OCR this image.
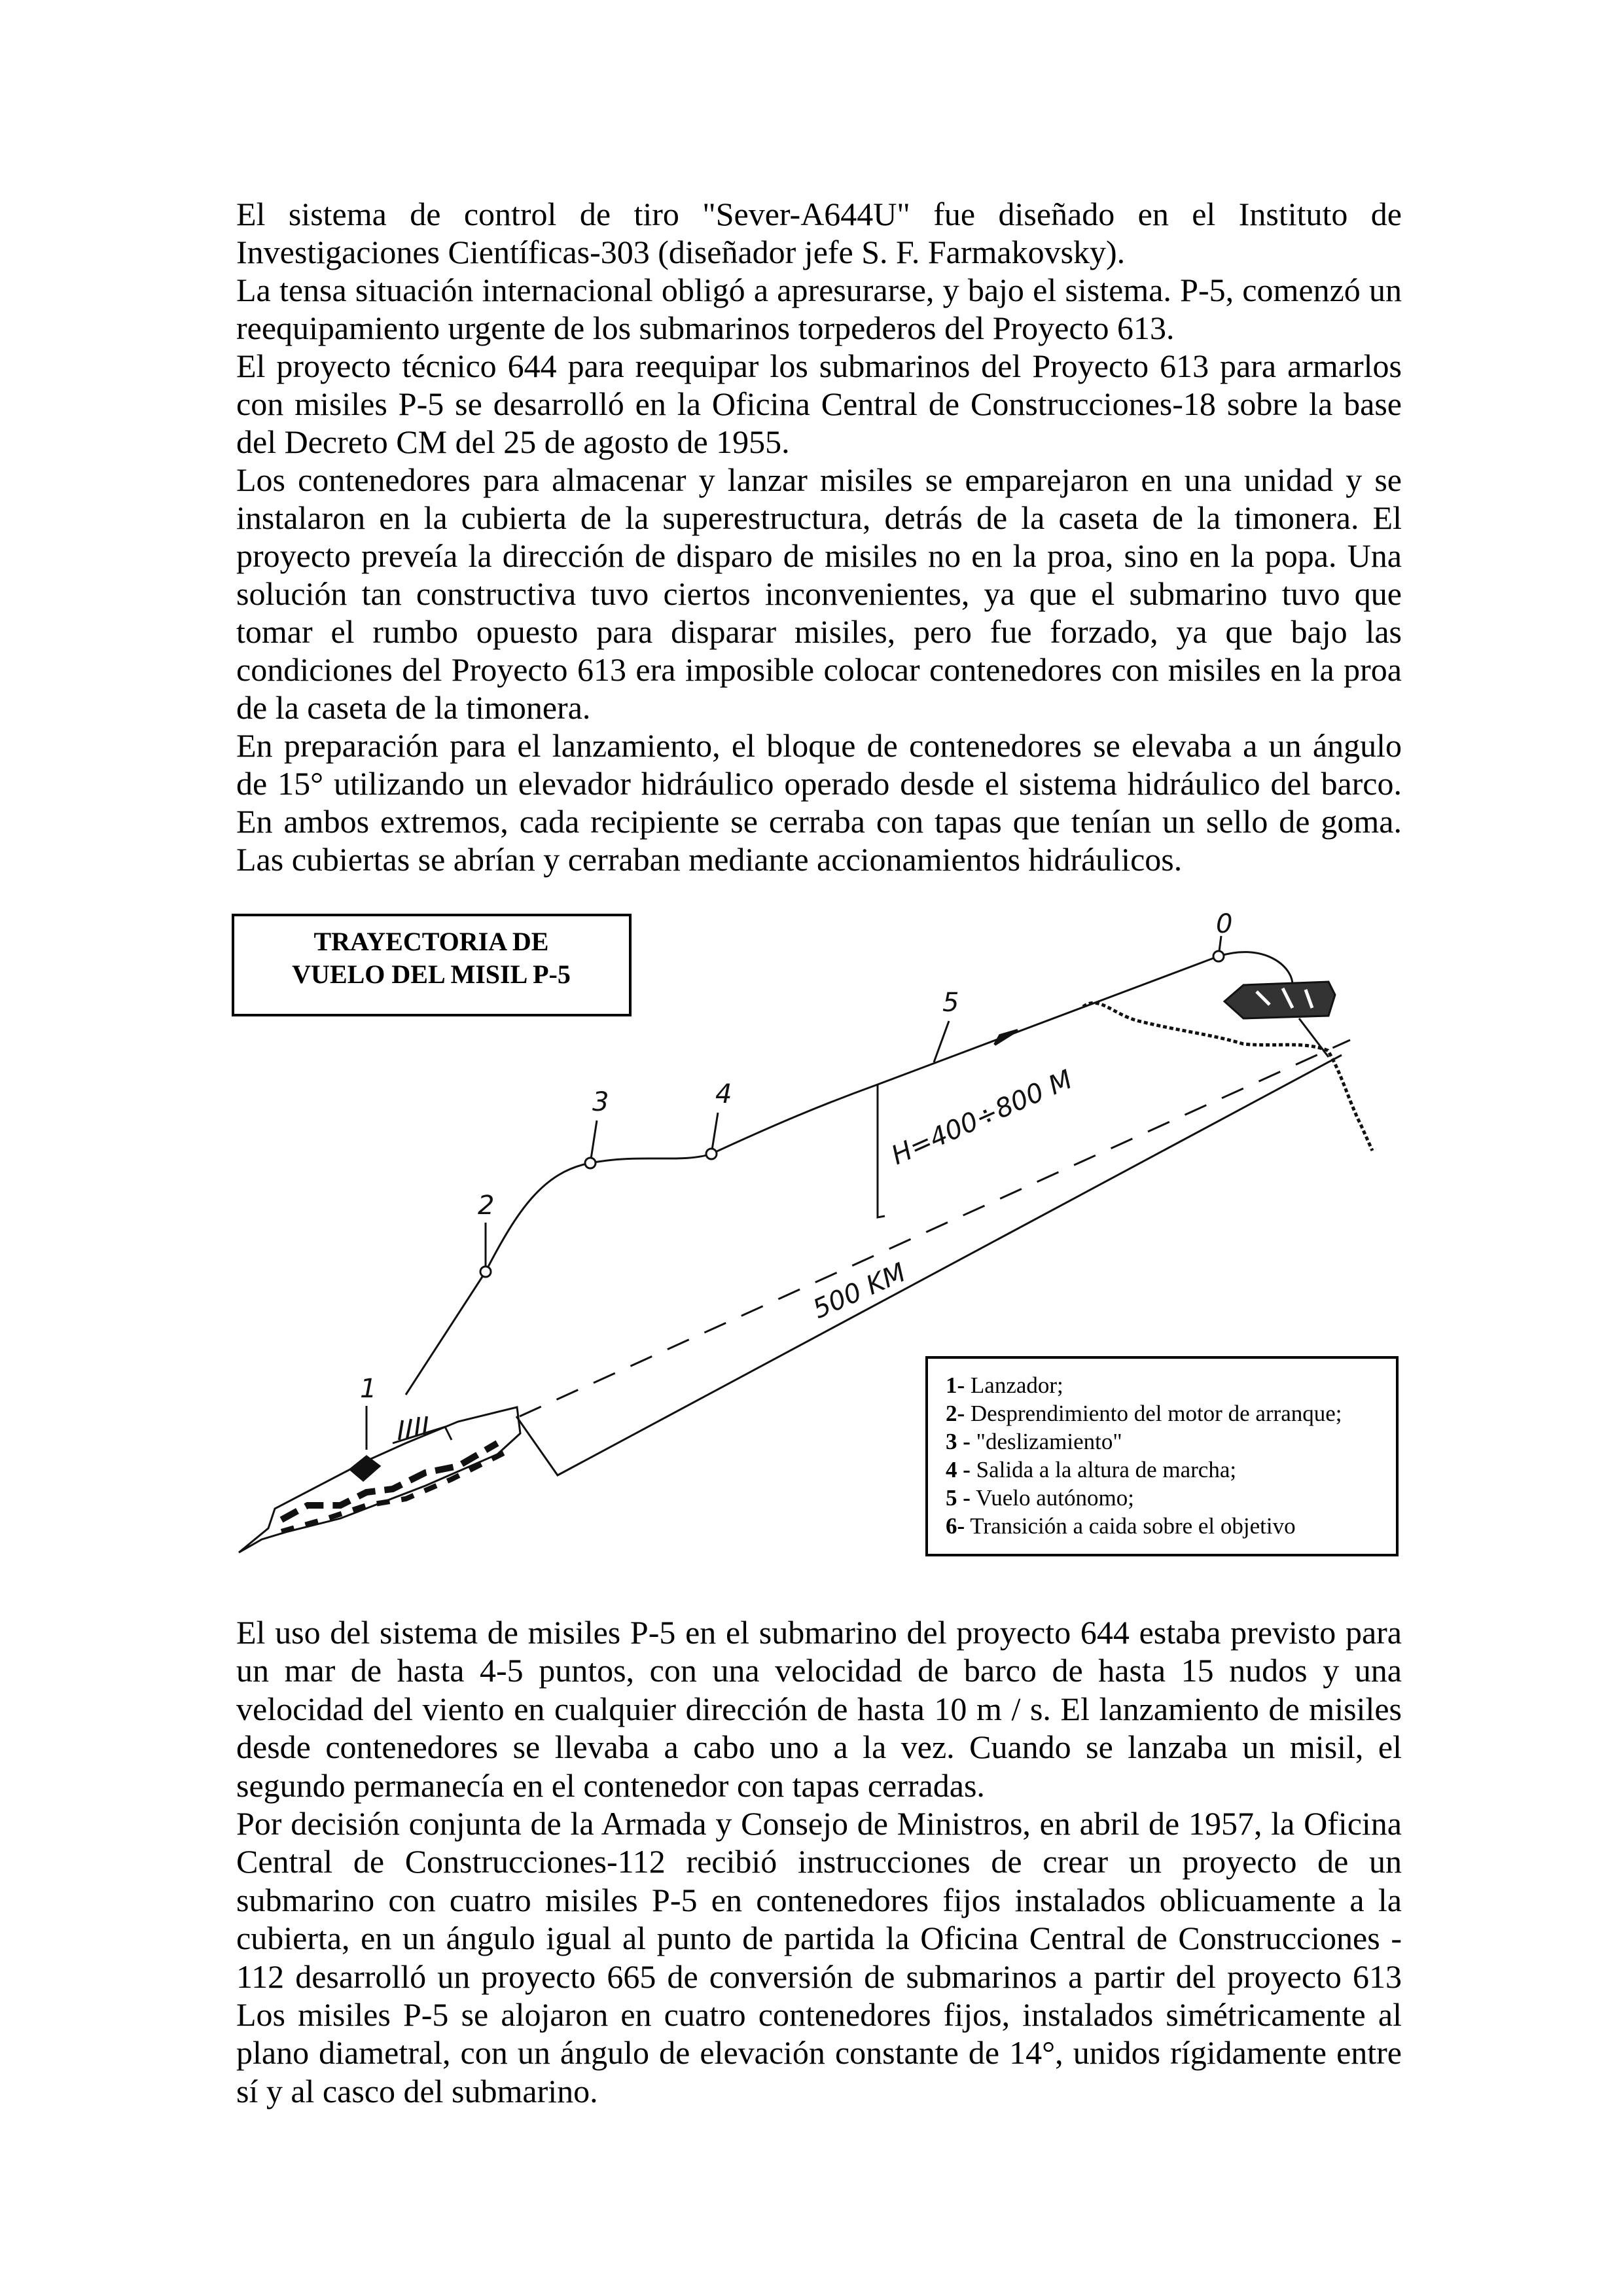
El sistema de control de tiro "Sever-A644U" fue diseñado en el Instituto de
Investigaciones Científicas-303 (diseñador jefe S. F. Farmakovsky).
La tensa situación internacional obligó a apresurarse, y bajo el sistema. P-5, comenzó un
reequipamiento urgente de los submarinos torpederos del Proyecto 613.
El proyecto técnico 644 para reequipar los submarinos del Proyecto 613 para armarlos
con misiles P-5 se desarrolló en la Oficina Central de Construcciones-18 sobre la base
del Decreto CM del 25 de agosto de 1955.
Los contenedores para almacenar y lanzar misiles se emparejaron en una unidad y se
instalaron en la cubierta de la superestructura, detrás de la caseta de la timonera. El
proyecto preveía la dirección de disparo de misiles no en la proa, sino en la popa. Una
solución tan constructiva tuvo ciertos inconvenientes, ya que el submarino tuvo que
tomar el rumbo opuesto para disparar misiles, pero fue forzado, ya que bajo las
condiciones del Proyecto 613 era imposible colocar contenedores con misiles en la proa
de la caseta de la timonera.
En preparación para el lanzamiento, el bloque de contenedores se elevaba a un ángulo
de 15° utilizando un elevador hidráulico operado desde el sistema hidráulico del barco.
En ambos extremos, cada recipiente se cerraba con tapas que tenían un sello de goma.
Las cubiertas se abrían y cerraban mediante accionamientos hidráulicos.
TRAYECTORIA DE
VUELO DEL MISIL P-5
1
2
3	4
5
0
H=400÷800 M
500 KM
1- Lanzador;
2- Desprendimiento del motor de arranque;
3 - "deslizamiento"
4 - Salida a la altura de marcha;
5 - Vuelo autónomo;
6- Transición a caida sobre el objetivo
El uso del sistema de misiles P-5 en el submarino del proyecto 644 estaba previsto para
un mar de hasta 4-5 puntos, con una velocidad de barco de hasta 15 nudos y una
velocidad del viento en cualquier dirección de hasta 10 m / s. El lanzamiento de misiles
desde contenedores se llevaba a cabo uno a la vez. Cuando se lanzaba un misil, el
segundo permanecía en el contenedor con tapas cerradas.
Por decisión conjunta de la Armada y Consejo de Ministros, en abril de 1957, la Oficina
Central de Construcciones-112 recibió instrucciones de crear un proyecto de un
submarino con cuatro misiles P-5 en contenedores fijos instalados oblicuamente a la
cubierta, en un ángulo igual al punto de partida la Oficina Central de Construcciones -
112 desarrolló un proyecto 665 de conversión de submarinos a partir del proyecto 613
Los misiles P-5 se alojaron en cuatro contenedores fijos, instalados simétricamente al
plano diametral, con un ángulo de elevación constante de 14°, unidos rígidamente entre
sí y al casco del submarino.
